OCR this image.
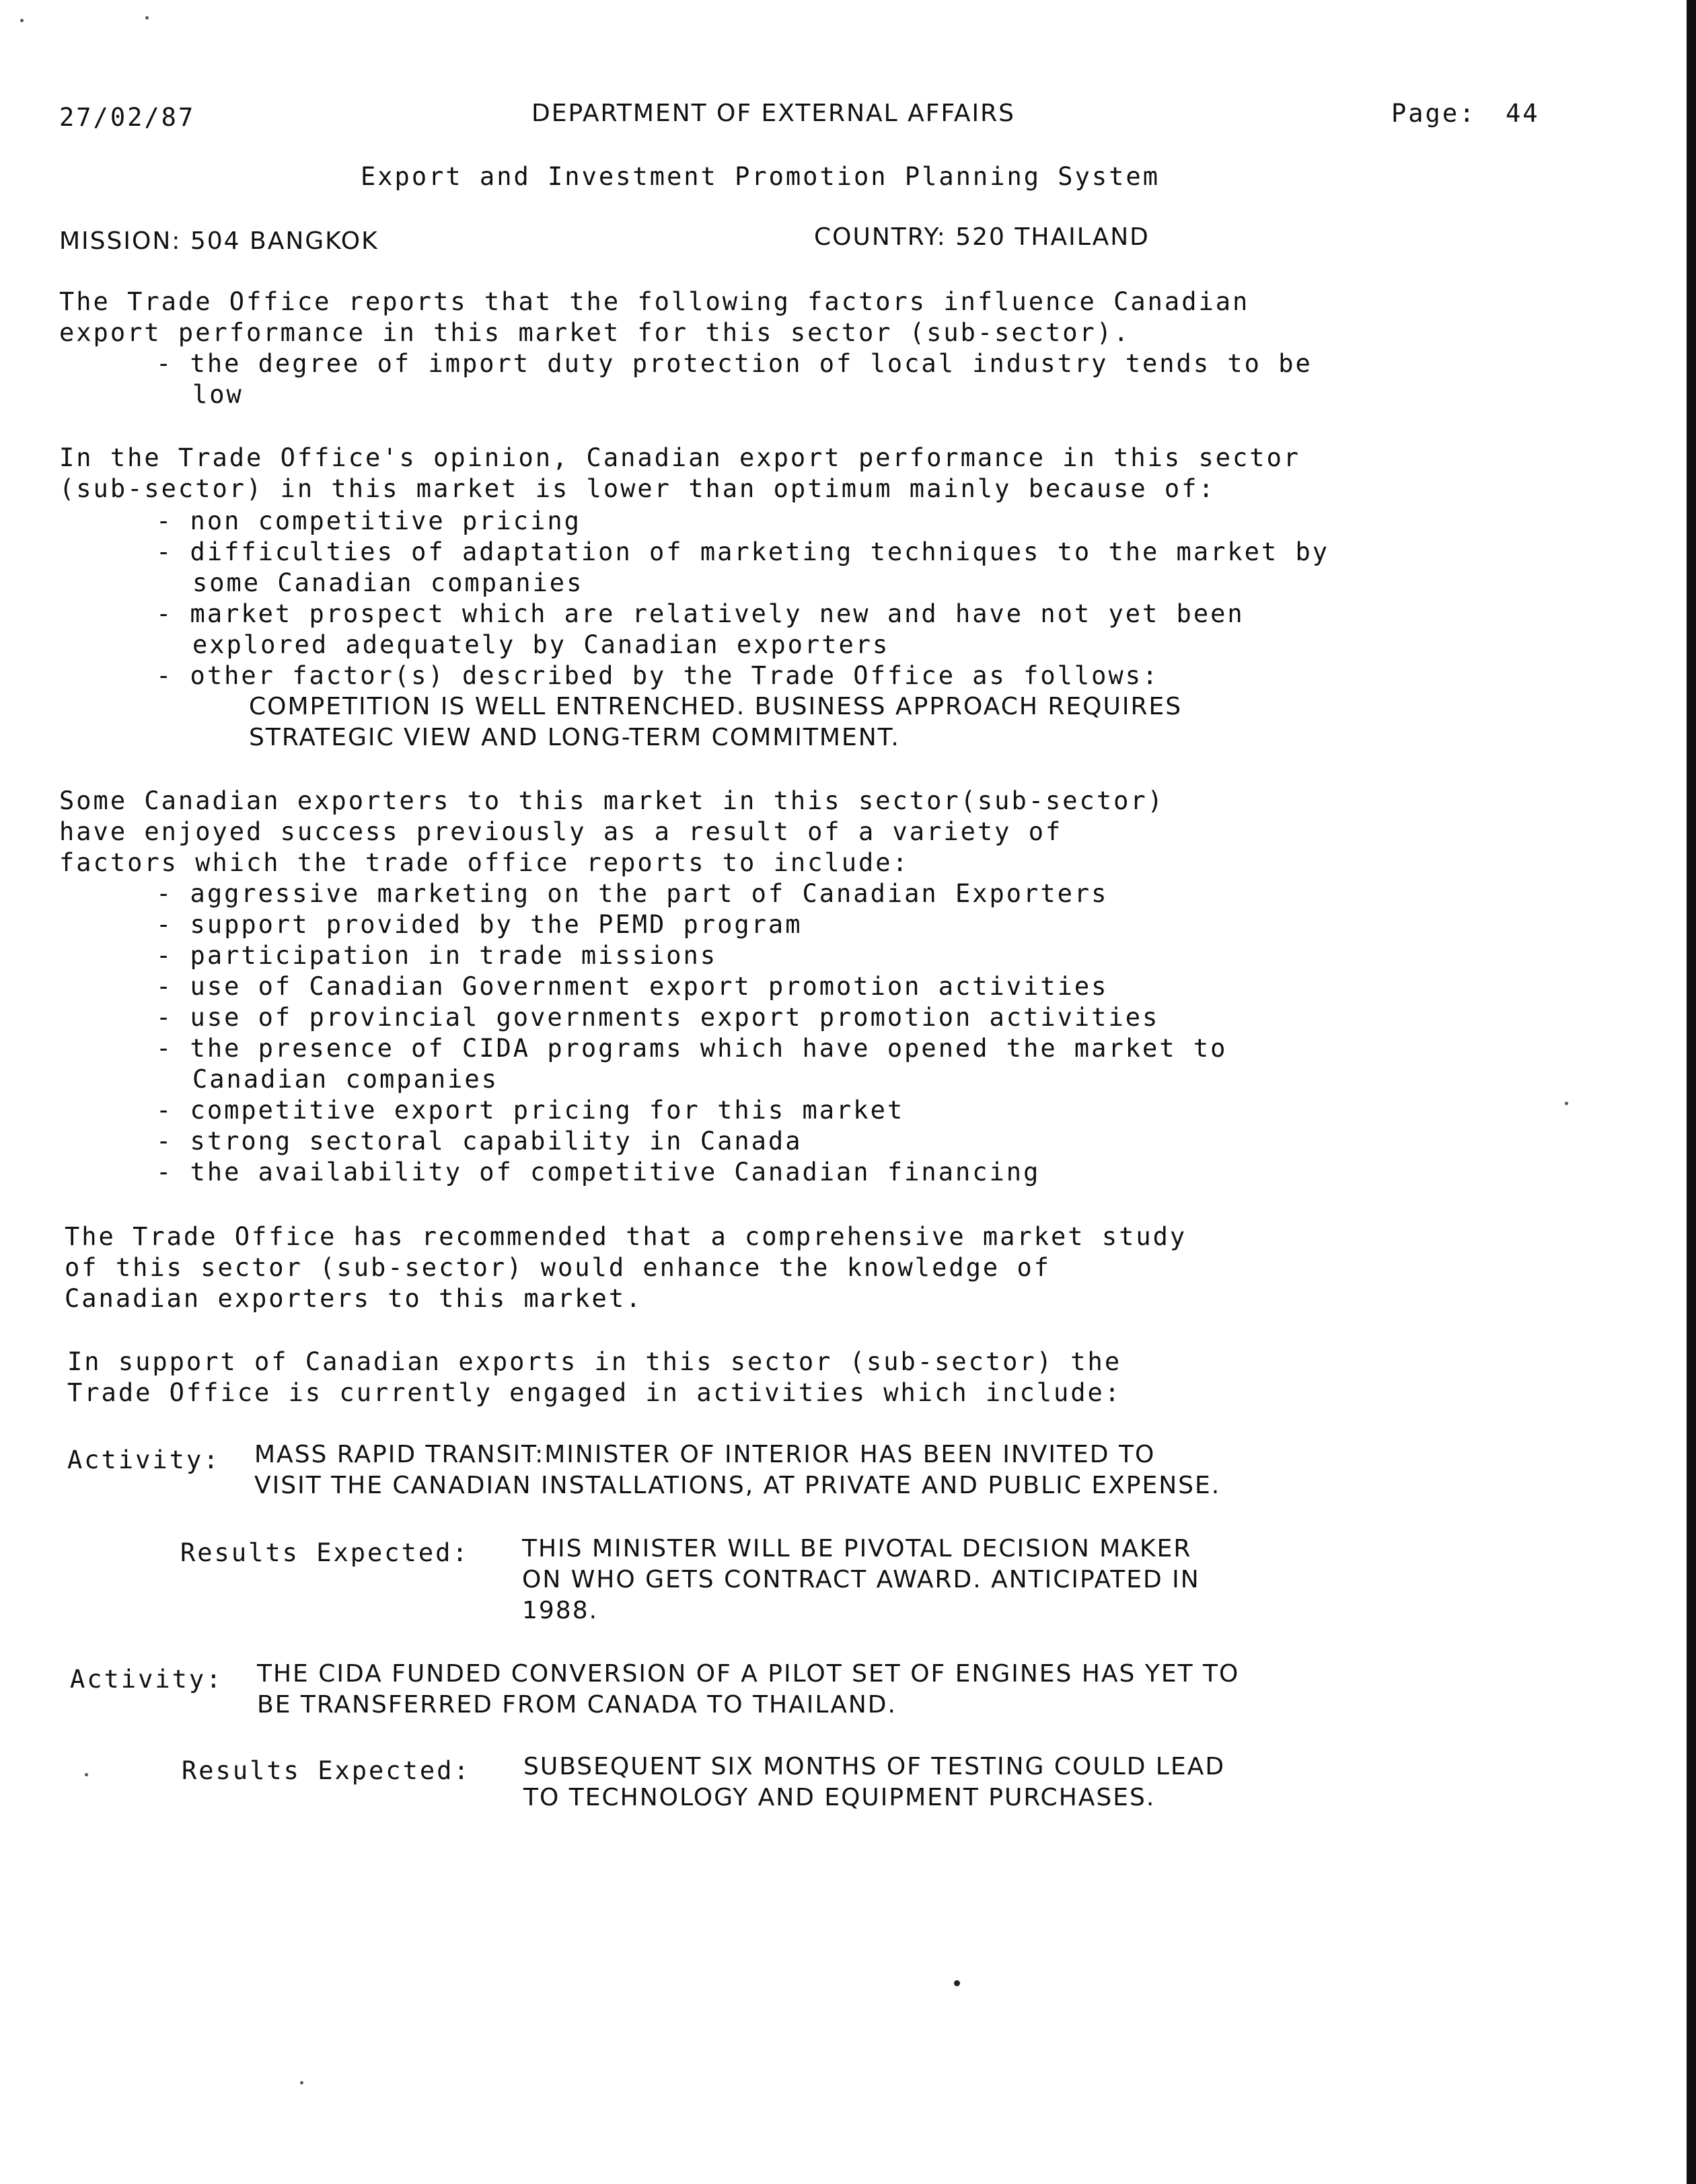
27/02/87	DEPARTMENT OF EXTERNAL AFFAIRS	Page: 44
Export and Investment Promotion Planning System
MISSION: 504 BANGKOK	COUNTRY: 520 THAILAND
The Trade Office reports that the following factors influence Canadian
export performance in this market for this sector (sub-sector).
- the degree of import duty protection of local industry tends to be
low
In the Trade Office's opinion, Canadian export performance in this sector
(sub-sector) in this market is lower than optimum mainly because of:
- non competitive pricing
- difficulties of adaptation of marketing techniques to the market by
some Canadian companies
- market prospect which are relatively new and have not yet been
explored adequately by Canadian exporters
- other factor(s) described by the Trade Office as follows:
COMPETITION IS WELL ENTRENCHED. BUSINESS APPROACH REQUIRES
STRATEGIC VIEW AND LONG-TERM COMMITMENT.
Some Canadian exporters to this market in this sector(sub-sector)
have enjoyed success previously as a result of a variety of
factors which the trade office reports to include:
- aggressive marketing on the part of Canadian Exporters
- support provided by the PEMD program
- participation in trade missions
- use of Canadian Government export promotion activities
- use of provincial governments export promotion activities
- the presence of CIDA programs which have opened the market to
Canadian companies
- competitive export pricing for this market
- strong sectoral capability in Canada
- the availability of competitive Canadian financing
The Trade Office has recommended that a comprehensive market study
of this sector (sub-sector) would enhance the knowledge of
Canadian exporters to this market.
In support of Canadian exports in this sector (sub-sector) the
Trade Office is currently engaged in activities which include:
Activity: MASS RAPID TRANSIT:MINISTER OF INTERIOR HAS BEEN INVITED TO
VISIT THE CANADIAN INSTALLATIONS, AT PRIVATE AND PUBLIC EXPENSE.
Results Expected: THIS MINISTER WILL BE PIVOTAL DECISION MAKER
ON WHO GETS CONTRACT AWARD. ANTICIPATED IN
1988.
Activity: THE CIDA FUNDED CONVERSION OF A PILOT SET OF ENGINES HAS YET TO
BE TRANSFERRED FROM CANADA TO THAILAND.
Results Expected: SUBSEQUENT SIX MONTHS OF TESTING COULD LEAD
TO TECHNOLOGY AND EQUIPMENT PURCHASES.
